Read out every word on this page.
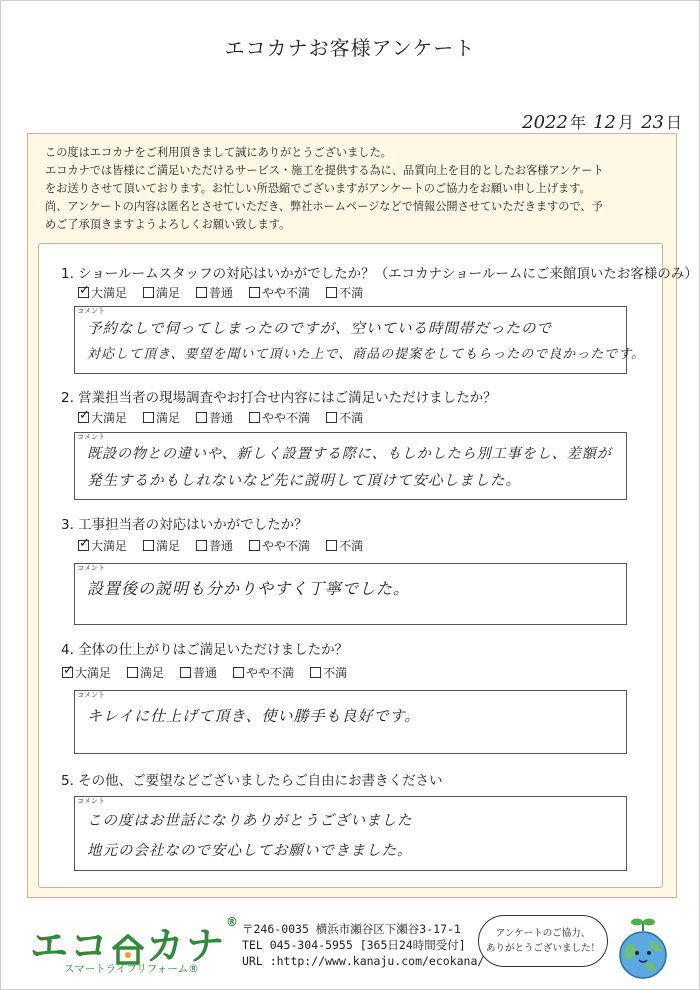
エコカナお客様アンケート
2022 年 12 月 23 日
この度はエコカナをご利用頂きまして誠にありがとうございました。
エコカナでは皆様にご満足いただけるサービス・施工を提供する為に、品質向上を目的としたお客様アンケート
をお送りさせて頂いております。お忙しい所恐縮でございますがアンケートのご協力をお願い申し上げます。
尚、アンケートの内容は匿名とさせていただき、弊社ホームページなどで情報公開させていただきますので、予
めご了承頂きますようよろしくお願い致します。
1. ショールームスタッフの対応はいかがでしたか？（エコカナショールームにご来館頂いたお客様のみ）
✓
大満足 満足 普通 やや不満 不満
コメント
予約なしで伺ってしまったのですが、空いている時間帯だったので
対応して頂き、要望を聞いて頂いた上で、商品の提案をしてもらったので良かったです。
2. 営業担当者の現場調査やお打合せ内容にはご満足いただけましたか？
✓
大満足 満足 普通 やや不満 不満
コメント
既設の物との違いや、新しく設置する際に、もしかしたら別工事をし、差額が
発生するかもしれないなど先に説明して頂けて安心しました。
3. 工事担当者の対応はいかがでしたか？
✓
大満足 満足 普通 やや不満 不満
コメント
設置後の説明も分かりやすく丁寧でした。
4. 全体の仕上がりはご満足いただけましたか？
✓
大満足 満足 普通 やや不満 不満
コメント
キレイに仕上げて頂き、使い勝手も良好です。
5. その他、ご要望などございましたらご自由にお書きください
コメント
この度はお世話になりありがとうございました
地元の会社なので安心してお願いできました。
エコ カナ®
スマートライフリフォーム®
〒246-0035 横浜市瀬谷区下瀬谷3-17-1
TEL 045-304-5955 [365日24時間受付]
URL :http://www.kanaju.com/ecokana/
アンケートのご協力、
ありがとうございました！
